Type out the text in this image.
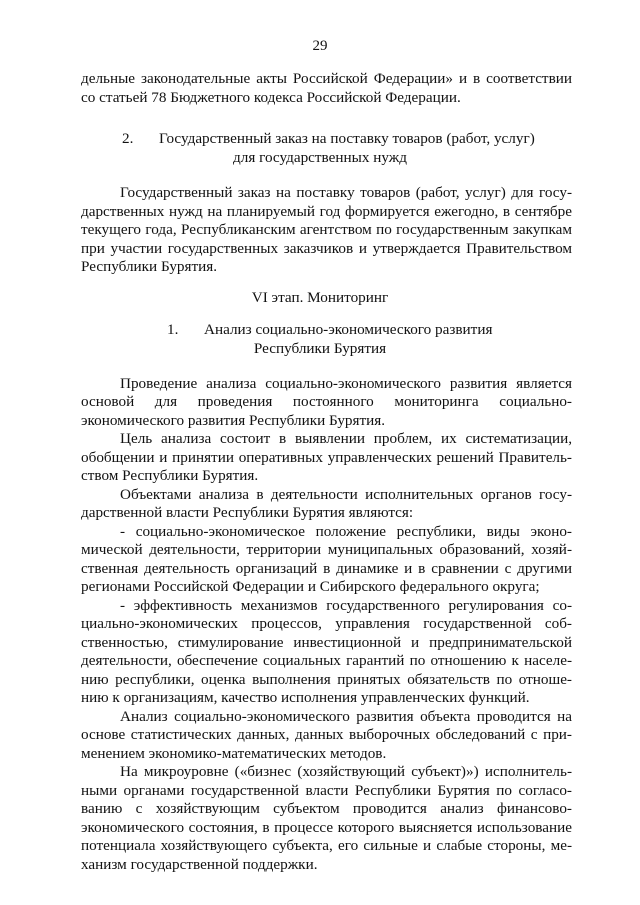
29

дельные законодательные акты Российской Федерации» и в соответствии

со статьей 78 Бюджетного кодекса Российской Федерации.

2.	Государственный заказ на поставку товаров (работ, услуг)

для государственных нужд

Государственный заказ на поставку товаров (работ, услуг) для госу-

дарственных нужд на планируемый год формируется ежегодно, в сентябре

текущего года, Республиканским агентством по государственным закупкам

при участии государственных заказчиков и утверждается Правительством

Республики Бурятия.

VI этап. Мониторинг

1.	Анализ социально-экономического развития

Республики Бурятия

Проведение анализа социально-экономического развития является

основой для проведения постоянного мониторинга социально-

экономического развития Республики Бурятия.

Цель анализа состоит в выявлении проблем, их систематизации,

обобщении и принятии оперативных управленческих решений Правитель-

ством Республики Бурятия.

Объектами анализа в деятельности исполнительных органов госу-

дарственной власти Республики Бурятия являются:

- социально-экономическое положение республики, виды эконо-

мической деятельности, территории муниципальных образований, хозяй-

ственная деятельность организаций в динамике и в сравнении с другими

регионами Российской Федерации и Сибирского федерального округа;

- эффективность механизмов государственного регулирования со-

циально-экономических процессов, управления государственной соб-

ственностью, стимулирование инвестиционной и предпринимательской

деятельности, обеспечение социальных гарантий по отношению к населе-

нию республики, оценка выполнения принятых обязательств по отноше-

нию к организациям, качество исполнения управленческих функций.

Анализ социально-экономического развития объекта проводится на

основе статистических данных, данных выборочных обследований с при-

менением экономико-математических методов.

На микроуровне («бизнес (хозяйствующий субъект)») исполнитель-

ными органами государственной власти Республики Бурятия по согласо-

ванию с хозяйствующим субъектом проводится анализ финансово-

экономического состояния, в процессе которого выясняется использование

потенциала хозяйствующего субъекта, его сильные и слабые стороны, ме-

ханизм государственной поддержки.
